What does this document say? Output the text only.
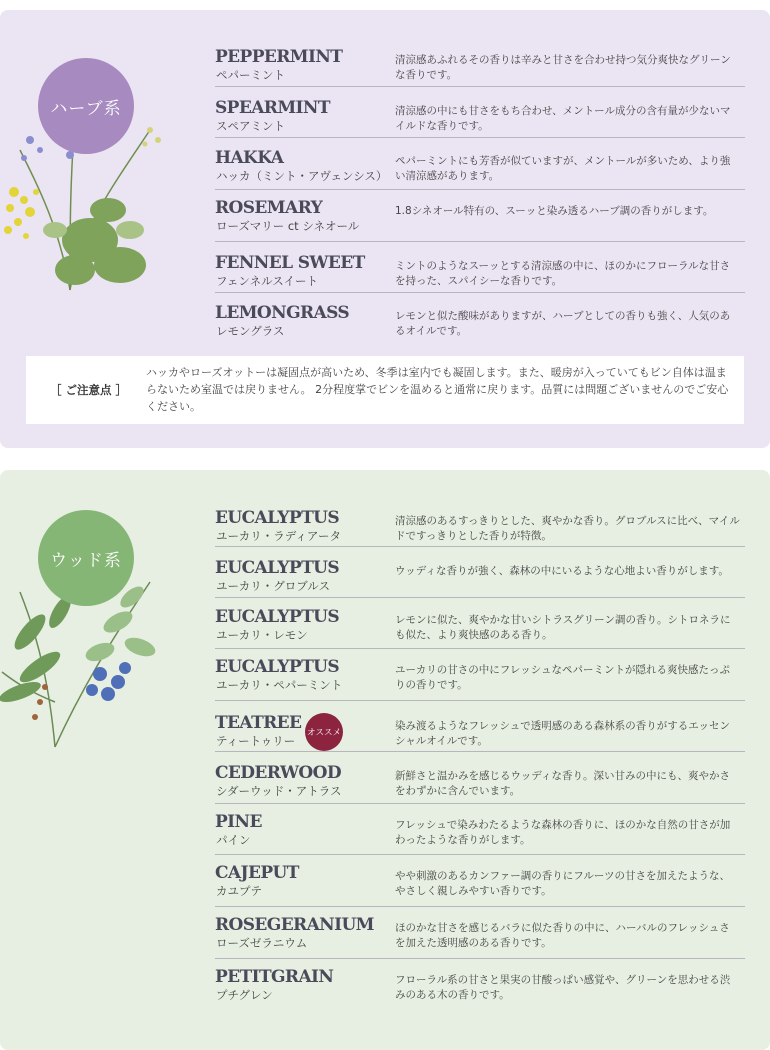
ハーブ系
PEPPERMINT
ペパーミント
清涼感あふれるその香りは辛みと甘さを合わせ持つ気分爽快なグリーンな香りです。
SPEARMINT
スペアミント
清涼感の中にも甘さをもち合わせ、メントール成分の含有量が少ないマイルドな香りです。
HAKKA
ハッカ（ミント・アヴェンシス）
ペパーミントにも芳香が似ていますが、メントールが多いため、より強い清涼感があります。
ROSEMARY
ローズマリー ct シネオール
1.8シネオール特有の、スーッと染み透るハーブ調の香りがします。
FENNEL SWEET
フェンネルスイート
ミントのようなスーッとする清涼感の中に、ほのかにフローラルな甘さを持った、スパイシーな香りです。
LEMONGRASS
レモングラス
レモンと似た酸味がありますが、ハーブとしての香りも強く、人気のあるオイルです。
［ ご注意点 ］
ハッカやローズオットーは凝固点が高いため、冬季は室内でも凝固します。また、暖房が入っていてもビン自体は温まらないため室温では戻りません。 2分程度掌でビンを温めると通常に戻ります。品質には問題ございませんのでご安心ください。
ウッド系
EUCALYPTUS
ユーカリ・ラディアータ
清涼感のあるすっきりとした、爽やかな香り。グロブルスに比べ、マイルドですっきりとした香りが特徴。
EUCALYPTUS
ユーカリ・グロブルス
ウッディな香りが強く、森林の中にいるような心地よい香りがします。
EUCALYPTUS
ユーカリ・レモン
レモンに似た、爽やかな甘いシトラスグリーン調の香り。シトロネラにも似た、より爽快感のある香り。
EUCALYPTUS
ユーカリ・ペパーミント
ユーカリの甘さの中にフレッシュなペパーミントが隠れる爽快感たっぷりの香りです。
TEATREE
ティートゥリー
オススメ
染み渡るようなフレッシュで透明感のある森林系の香りがするエッセンシャルオイルです。
CEDERWOOD
シダーウッド・アトラス
新鮮さと温かみを感じるウッディな香り。深い甘みの中にも、爽やかさをわずかに含んでいます。
PINE
パイン
フレッシュで染みわたるような森林の香りに、ほのかな自然の甘さが加わったような香りがします。
CAJEPUT
カユプテ
やや刺激のあるカンファー調の香りにフルーツの甘さを加えたような、やさしく親しみやすい香りです。
ROSEGERANIUM
ローズゼラニウム
ほのかな甘さを感じるバラに似た香りの中に、ハーバルのフレッシュさを加えた透明感のある香りです。
PETITGRAIN
プチグレン
フローラル系の甘さと果実の甘酸っぱい感覚や、グリーンを思わせる渋みのある木の香りです。
